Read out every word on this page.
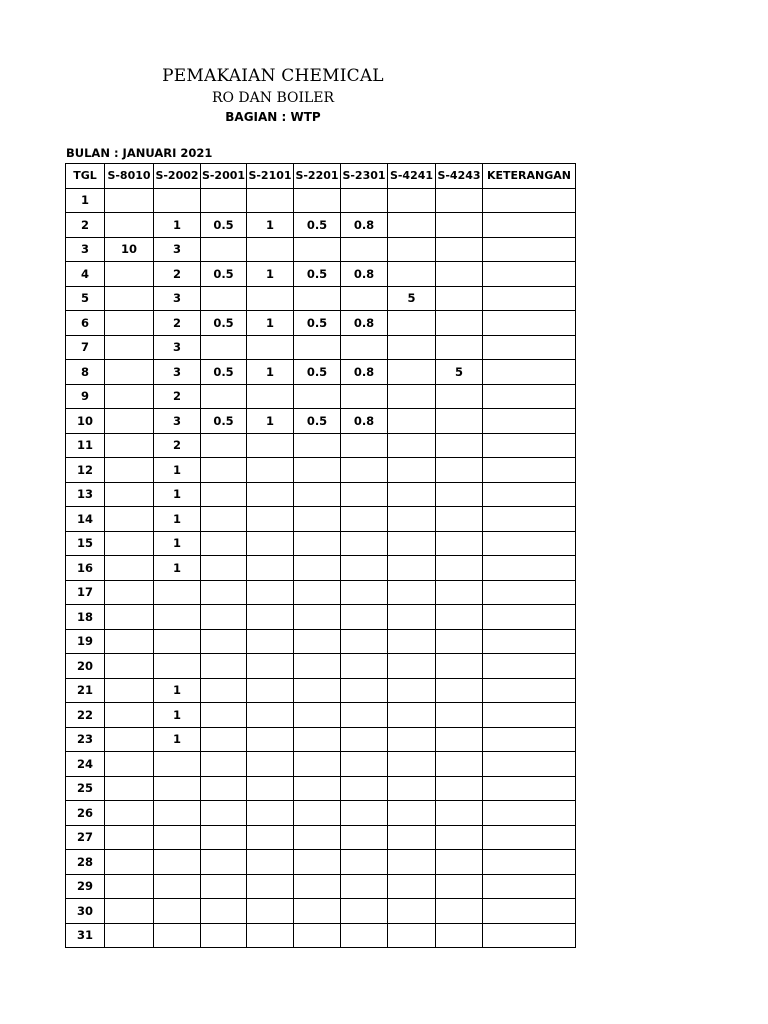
PEMAKAIAN CHEMICAL
RO DAN BOILER
BAGIAN : WTP
BULAN : JANUARI 2021
TGL	S-8010	S-2002	S-2001	S-2101	S-2201	S-2301	S-4241	S-4243	KETERANGAN
1									
2		1	0.5	1	0.5	0.8			
3	10	3							
4		2	0.5	1	0.5	0.8			
5		3					5		
6		2	0.5	1	0.5	0.8			
7		3							
8		3	0.5	1	0.5	0.8		5	
9		2							
10		3	0.5	1	0.5	0.8			
11		2							
12		1							
13		1							
14		1							
15		1							
16		1							
17									
18									
19									
20									
21		1							
22		1							
23		1							
24									
25									
26									
27									
28									
29									
30									
31									
